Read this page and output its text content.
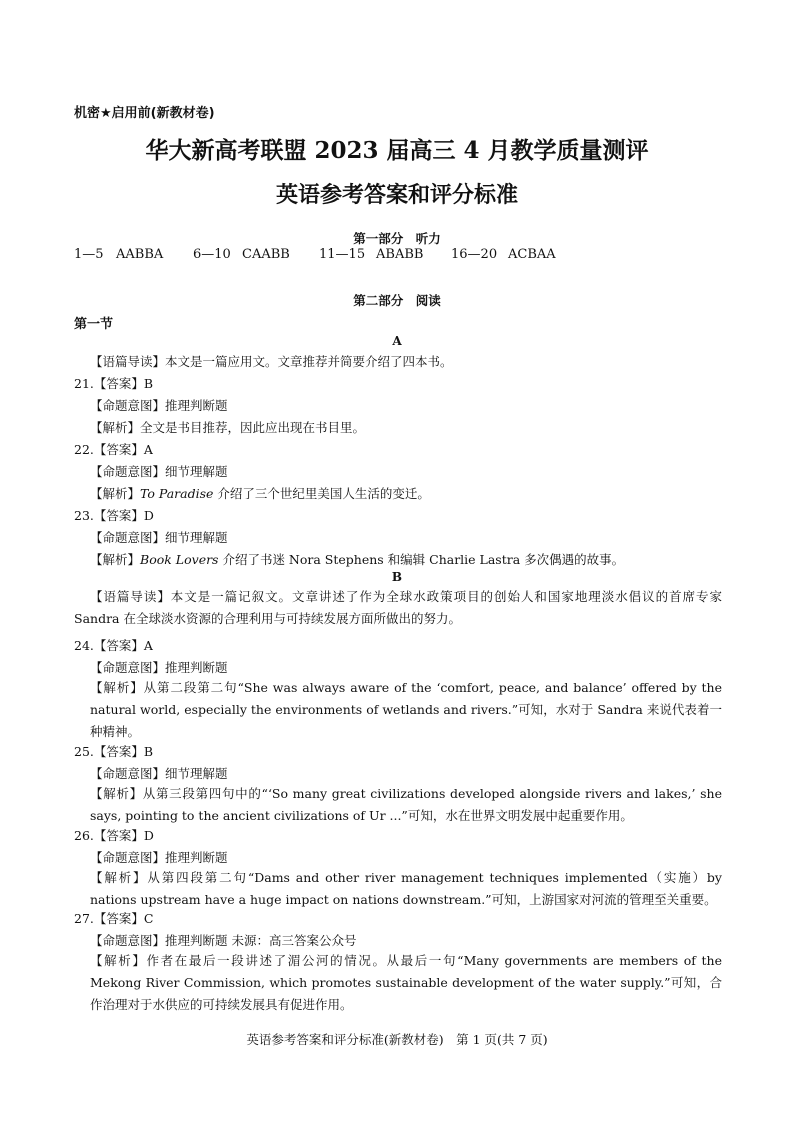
机密★启用前(新教材卷)
华大新高考联盟 2023 届高三 4 月教学质量测评
英语参考答案和评分标准
第一部分　听力
1—5 AABBA 6—10 CAABB 11—15 ABABB 16—20 ACBAA
第二部分　阅读
第一节
A
【语篇导读】本文是一篇应用文。文章推荐并简要介绍了四本书。
21.【答案】B
【命题意图】推理判断题
【解析】全文是书目推荐，因此应出现在书目里。
22.【答案】A
【命题意图】细节理解题
【解析】To Paradise 介绍了三个世纪里美国人生活的变迁。
23.【答案】D
【命题意图】细节理解题
【解析】Book Lovers 介绍了书迷 Nora Stephens 和编辑 Charlie Lastra 多次偶遇的故事。
B
【语篇导读】本文是一篇记叙文。文章讲述了作为全球水政策项目的创始人和国家地理淡水倡议的首席专家 Sandra 在全球淡水资源的合理利用与可持续发展方面所做出的努力。
24.【答案】A
【命题意图】推理判断题
【解析】从第二段第二句“She was always aware of the ‘comfort, peace, and balance’ offered by the natural world, especially the environments of wetlands and rivers.”可知，水对于 Sandra 来说代表着一种精神。
25.【答案】B
【命题意图】细节理解题
【解析】从第三段第四句中的“‘So many great civilizations developed alongside rivers and lakes,’ she says, pointing to the ancient civilizations of Ur ...”可知，水在世界文明发展中起重要作用。
26.【答案】D
【命题意图】推理判断题
【解析】从第四段第二句“Dams and other river management techniques implemented（实施）by nations upstream have a huge impact on nations downstream.”可知，上游国家对河流的管理至关重要。
27.【答案】C
【命题意图】推理判断题 未源：高三答案公众号
【解析】作者在最后一段讲述了湄公河的情况。从最后一句“Many governments are members of the Mekong River Commission, which promotes sustainable development of the water supply.”可知，合作治理对于水供应的可持续发展具有促进作用。
英语参考答案和评分标准(新教材卷)　第 1 页(共 7 页)
